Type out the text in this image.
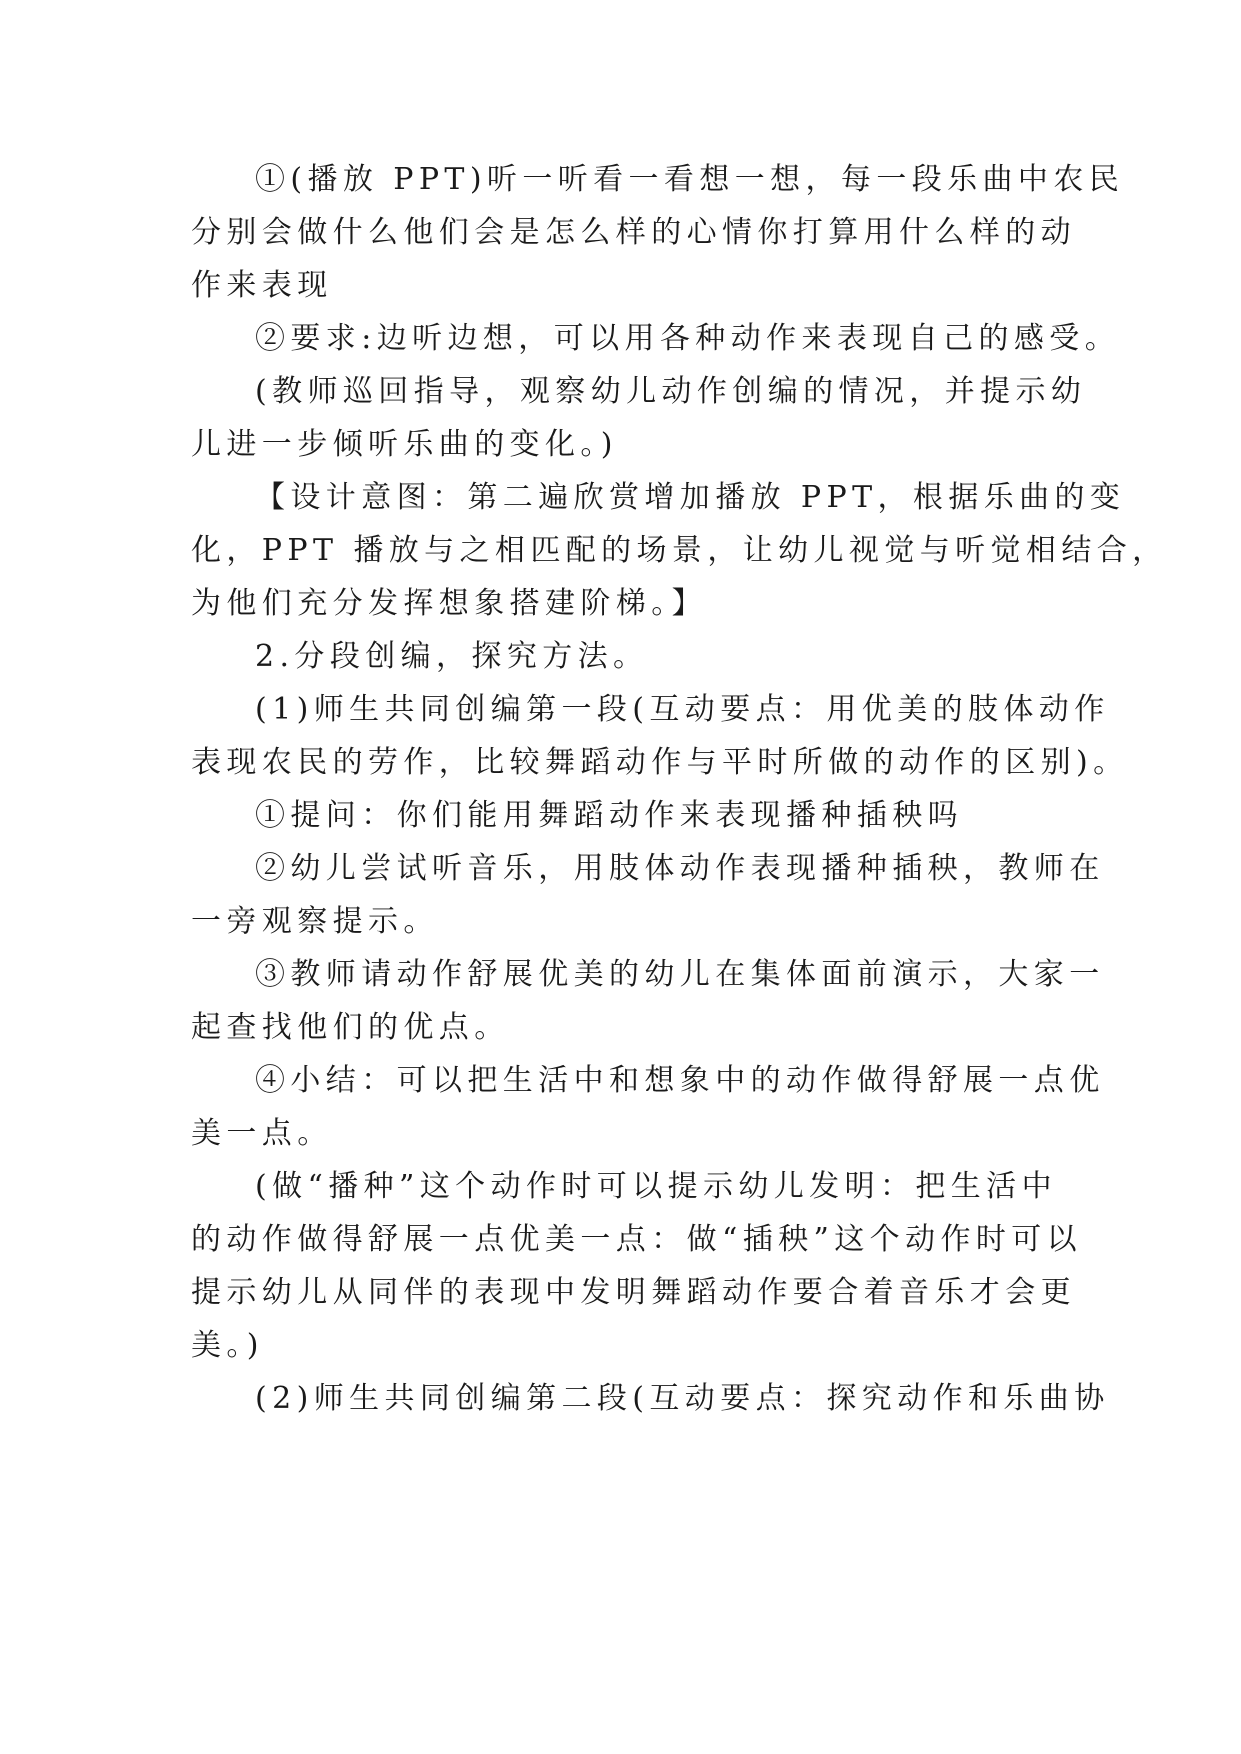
①(播放 PPT)听一听看一看想一想，每一段乐曲中农民
分别会做什么他们会是怎么样的心情你打算用什么样的动
作来表现
②要求:边听边想，可以用各种动作来表现自己的感受。
(教师巡回指导，观察幼儿动作创编的情况，并提示幼
儿进一步倾听乐曲的变化。)
【设计意图：第二遍欣赏增加播放 PPT，根据乐曲的变
化，PPT 播放与之相匹配的场景，让幼儿视觉与听觉相结合，
为他们充分发挥想象搭建阶梯。】
2.分段创编，探究方法。
(1)师生共同创编第一段(互动要点：用优美的肢体动作
表现农民的劳作，比较舞蹈动作与平时所做的动作的区别)。
①提问：你们能用舞蹈动作来表现播种插秧吗
②幼儿尝试听音乐，用肢体动作表现播种插秧，教师在
一旁观察提示。
③教师请动作舒展优美的幼儿在集体面前演示，大家一
起查找他们的优点。
④小结：可以把生活中和想象中的动作做得舒展一点优
美一点。
(做“播种”这个动作时可以提示幼儿发明：把生活中
的动作做得舒展一点优美一点：做“插秧”这个动作时可以
提示幼儿从同伴的表现中发明舞蹈动作要合着音乐才会更
美。)
(2)师生共同创编第二段(互动要点：探究动作和乐曲协
